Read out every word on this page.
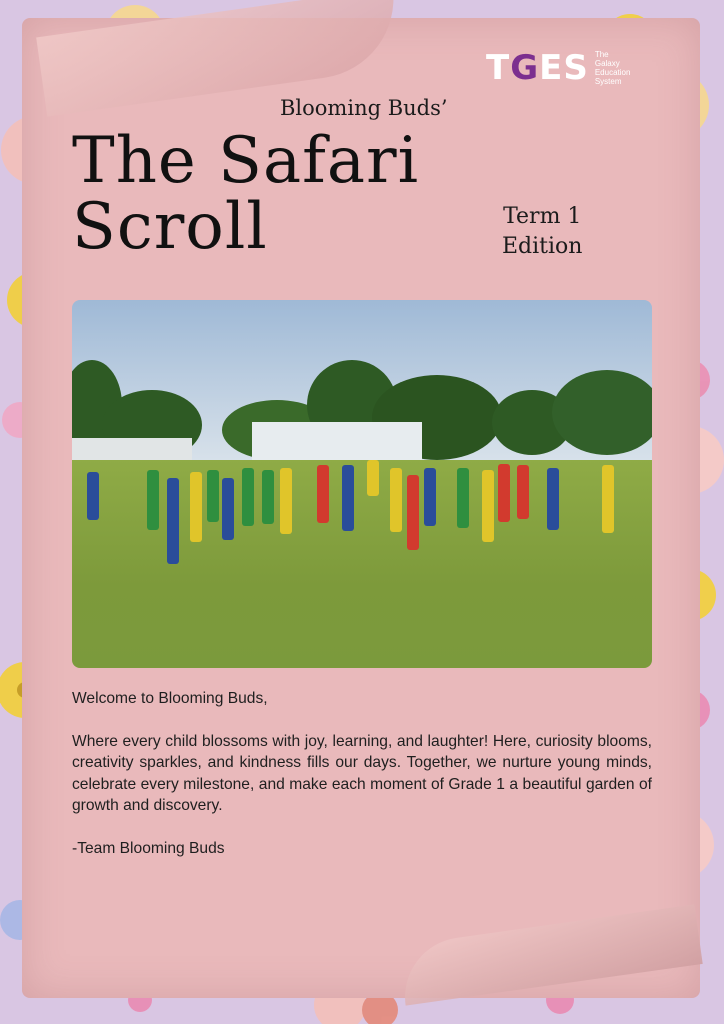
TGES The
Galaxy
Education
System
Blooming Buds’
The Safari
Scroll	Term 1
Edition

Welcome to Blooming Buds,

Where every child blossoms with joy, learning, and laughter! Here, curiosity blooms, creativity sparkles, and kindness fills our days. Together, we nurture young minds, celebrate every milestone, and make each moment of Grade 1 a beautiful garden of growth and discovery.

-Team Blooming Buds
